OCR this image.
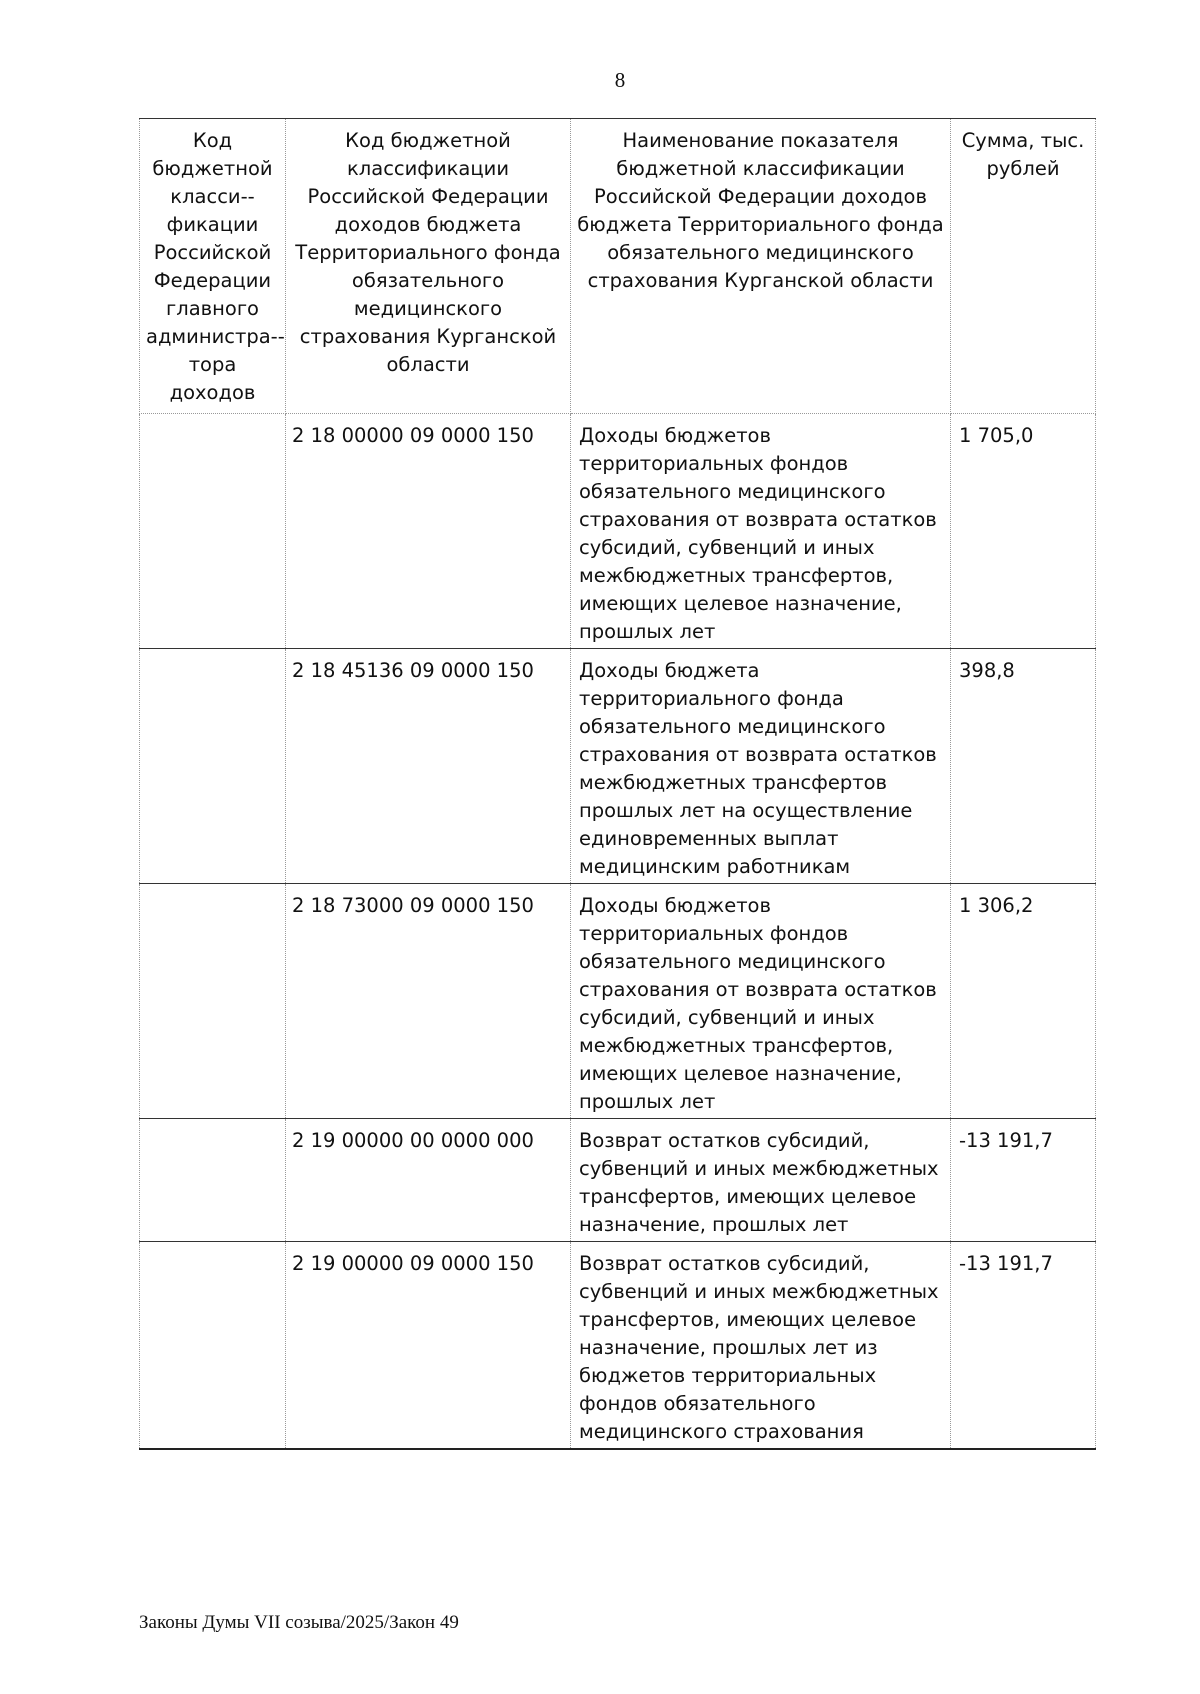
8
Код бюджетной класси-фикации Российской Федерации главного администра-тора доходов	Код бюджетной классификации Российской Федерации доходов бюджета Территориального фонда обязательного медицинского страхования Курганской области	Наименование показателя бюджетной классификации Российской Федерации доходов бюджета Территориального фонда обязательного медицинского страхования Курганской области	Сумма, тыс. рублей
	2 18 00000 09 0000 150	Доходы бюджетов территориальных фондов обязательного медицинского страхования от возврата остатков субсидий, субвенций и иных межбюджетных трансфертов, имеющих целевое назначение, прошлых лет	1 705,0
	2 18 45136 09 0000 150	Доходы бюджета территориального фонда обязательного медицинского страхования от возврата остатков межбюджетных трансфертов прошлых лет на осуществление единовременных выплат медицинским работникам	398,8
	2 18 73000 09 0000 150	Доходы бюджетов территориальных фондов обязательного медицинского страхования от возврата остатков субсидий, субвенций и иных межбюджетных трансфертов, имеющих целевое назначение, прошлых лет	1 306,2
	2 19 00000 00 0000 000	Возврат остатков субсидий, субвенций и иных межбюджетных трансфертов, имеющих целевое назначение, прошлых лет	-13 191,7
	2 19 00000 09 0000 150	Возврат остатков субсидий, субвенций и иных межбюджетных трансфертов, имеющих целевое назначение, прошлых лет из бюджетов территориальных фондов обязательного медицинского страхования	-13 191,7
Законы Думы VII созыва/2025/Закон 49
